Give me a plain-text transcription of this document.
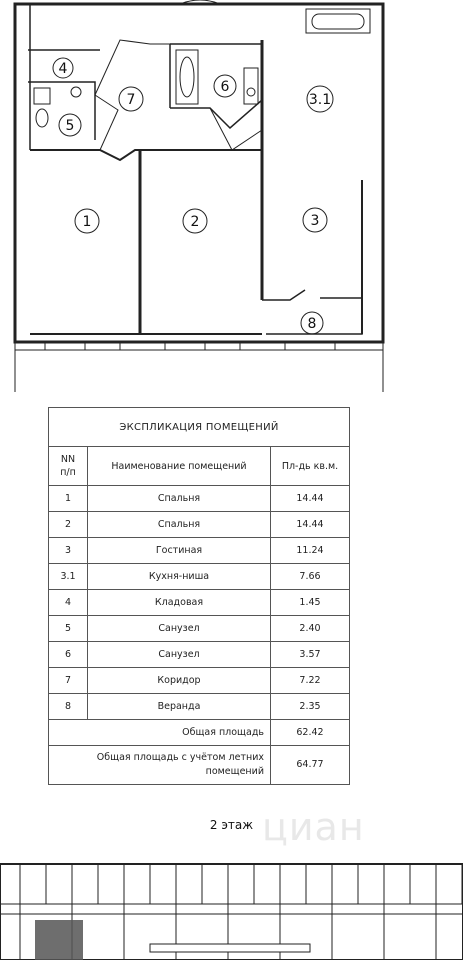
1	2	3
3.1
4
5
6
7
8
ЭКСПЛИКАЦИЯ ПОМЕЩЕНИЙ		
NN
п/п	Наименование помещений	Пл-дь кв.м.
1	Спальня	14.44
2	Спальня	14.44
3	Гостиная	11.24
3.1	Кухня-ниша	7.66
4	Кладовая	1.45
5	Санузел	2.40
6	Санузел	3.57
7	Коридор	7.22
8	Веранда	2.35
Общая площадь		62.42
Общая площадь с учётом летних помещений		64.77
циан
2 этаж
